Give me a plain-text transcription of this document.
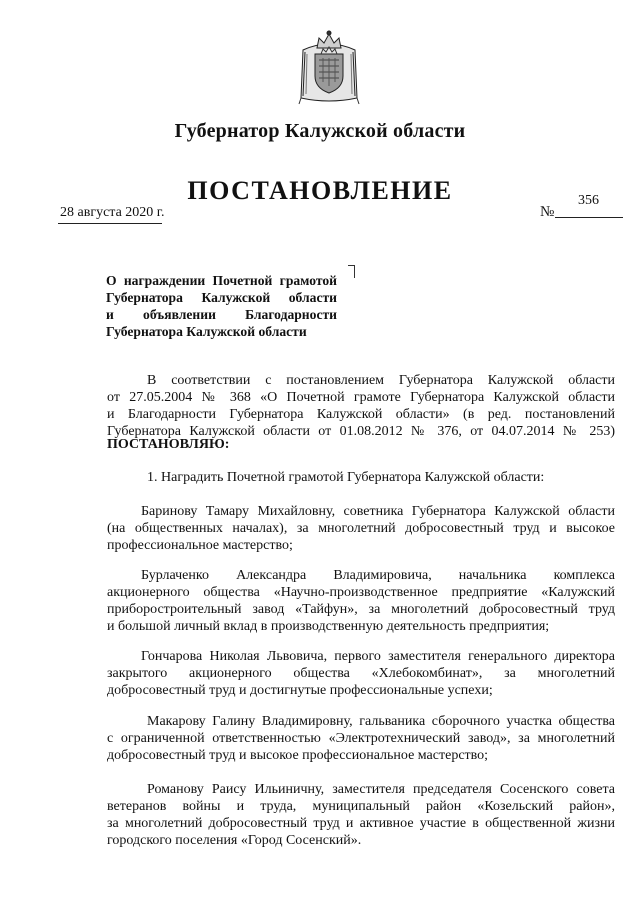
Губернатор Калужской области
ПОСТАНОВЛЕНИЕ
28 августа 2020 г.	№
356
О награждении Почетной грамотой
Губернатора Калужской области
и объявлении Благодарности
Губернатора Калужской области
В соответствии с постановлением Губернатора Калужской области
от 27.05.2004 № 368 «О Почетной грамоте Губернатора Калужской области
и Благодарности Губернатора Калужской области» (в ред. постановлений
Губернатора Калужской области от 01.08.2012 № 376, от 04.07.2014 № 253)
ПОСТАНОВЛЯЮ:
1. Наградить Почетной грамотой Губернатора Калужской области:
Баринову Тамару Михайловну, советника Губернатора Калужской области
(на общественных началах), за многолетний добросовестный труд и высокое
профессиональное мастерство;
Бурлаченко Александра Владимировича, начальника комплекса
акционерного общества «Научно-производственное предприятие «Калужский
приборостроительный завод «Тайфун», за многолетний добросовестный труд
и большой личный вклад в производственную деятельность предприятия;
Гончарова Николая Львовича, первого заместителя генерального директора
закрытого акционерного общества «Хлебокомбинат», за многолетний
добросовестный труд и достигнутые профессиональные успехи;
Макарову Галину Владимировну, гальваника сборочного участка общества
с ограниченной ответственностью «Электротехнический завод», за многолетний
добросовестный труд и высокое профессиональное мастерство;
Романову Раису Ильиничну, заместителя председателя Сосенского совета
ветеранов войны и труда, муниципальный район «Козельский район»,
за многолетний добросовестный труд и активное участие в общественной жизни
городского поселения «Город Сосенский».
